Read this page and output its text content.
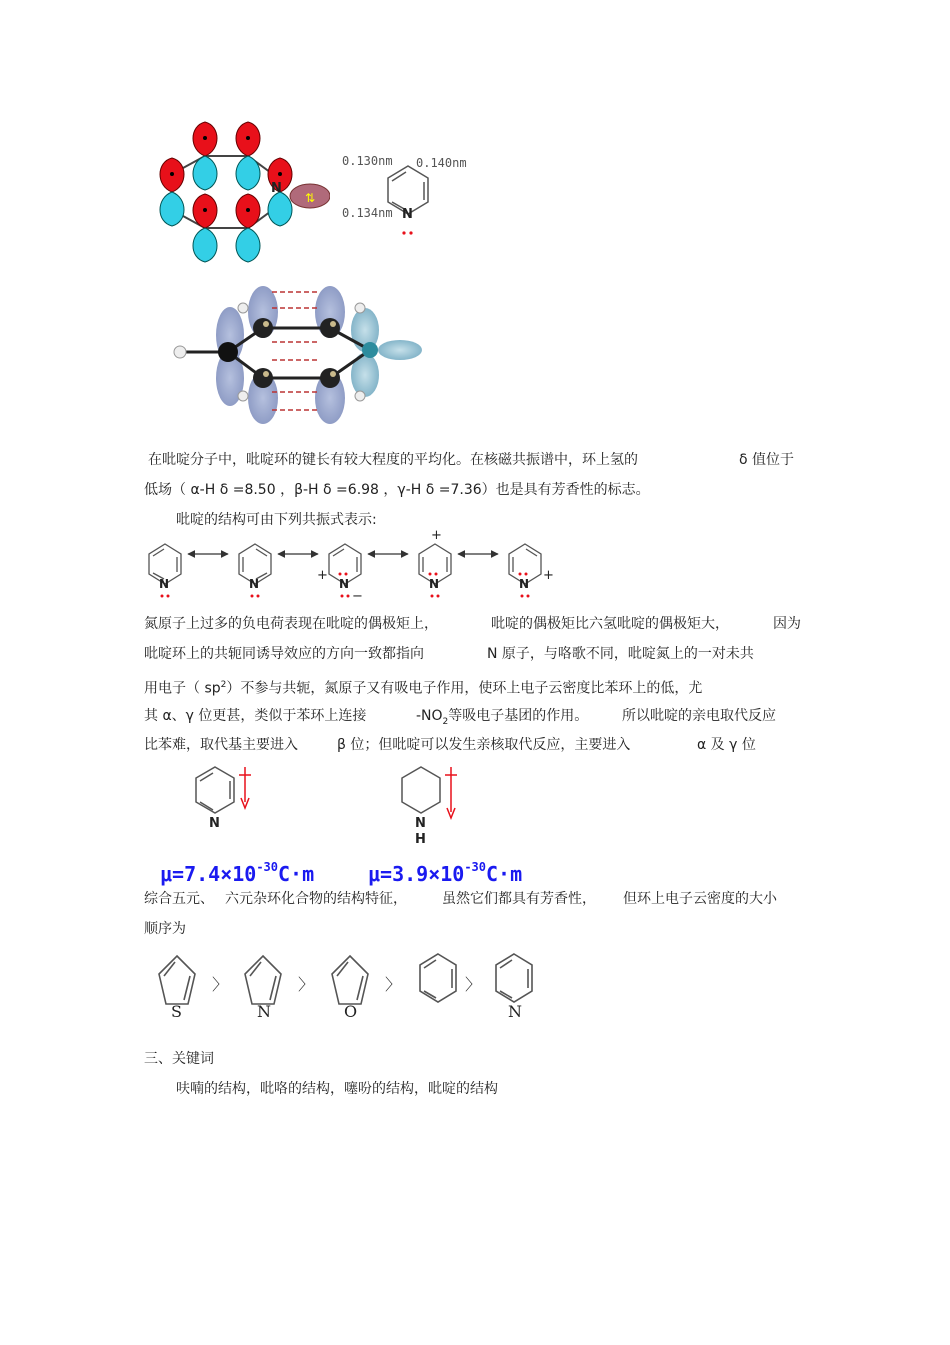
⇅
N
0.130nm 0.140nm
0.134nm N
在吡啶分子中，吡啶环的键长有较大程度的平均化。在核磁共振谱中，环上氢的	δ 值位于
低场（ α-H δ =8.50 ，β-H δ =6.98 ，γ-H δ =7.36）也是具有芳香性的标志。
吡啶的结构可由下列共振式表示:
N	N	N
+
−
N
+
N
+
氮原子上过多的负电荷表现在吡啶的偶极矩上，	吡啶的偶极矩比六氢吡啶的偶极矩大，	因为
吡啶环上的共轭同诱导效应的方向一致都指向	N 原子，与咯歌不同，吡啶氮上的一对未共
用电子（ $sp^2$）不参与共轭，氮原子又有吸电子作用，使环上电子云密度比苯环上的低，尤
其 α、γ 位更甚，类似于苯环上连接	$-NO_2$等吸电子基团的作用。 所以吡啶的亲电取代反应
比苯难，取代基主要进入	β 位；但吡啶可以发生亲核取代反应，主要进入	α 及 γ 位
N	N
H
$\mu=7.4\times 10^{-30}C\cdot m$	$\mu=3.9\times 10^{-30}C\cdot m$
综合五元、 六元杂环化合物的结构特征，	虽然它们都具有芳香性， 但环上电子云密度的大小
顺序为
S	N	O	N
〉	〉	〉	〉
三、关键词
呋喃的结构，吡咯的结构，噻吩的结构，吡啶的结构
